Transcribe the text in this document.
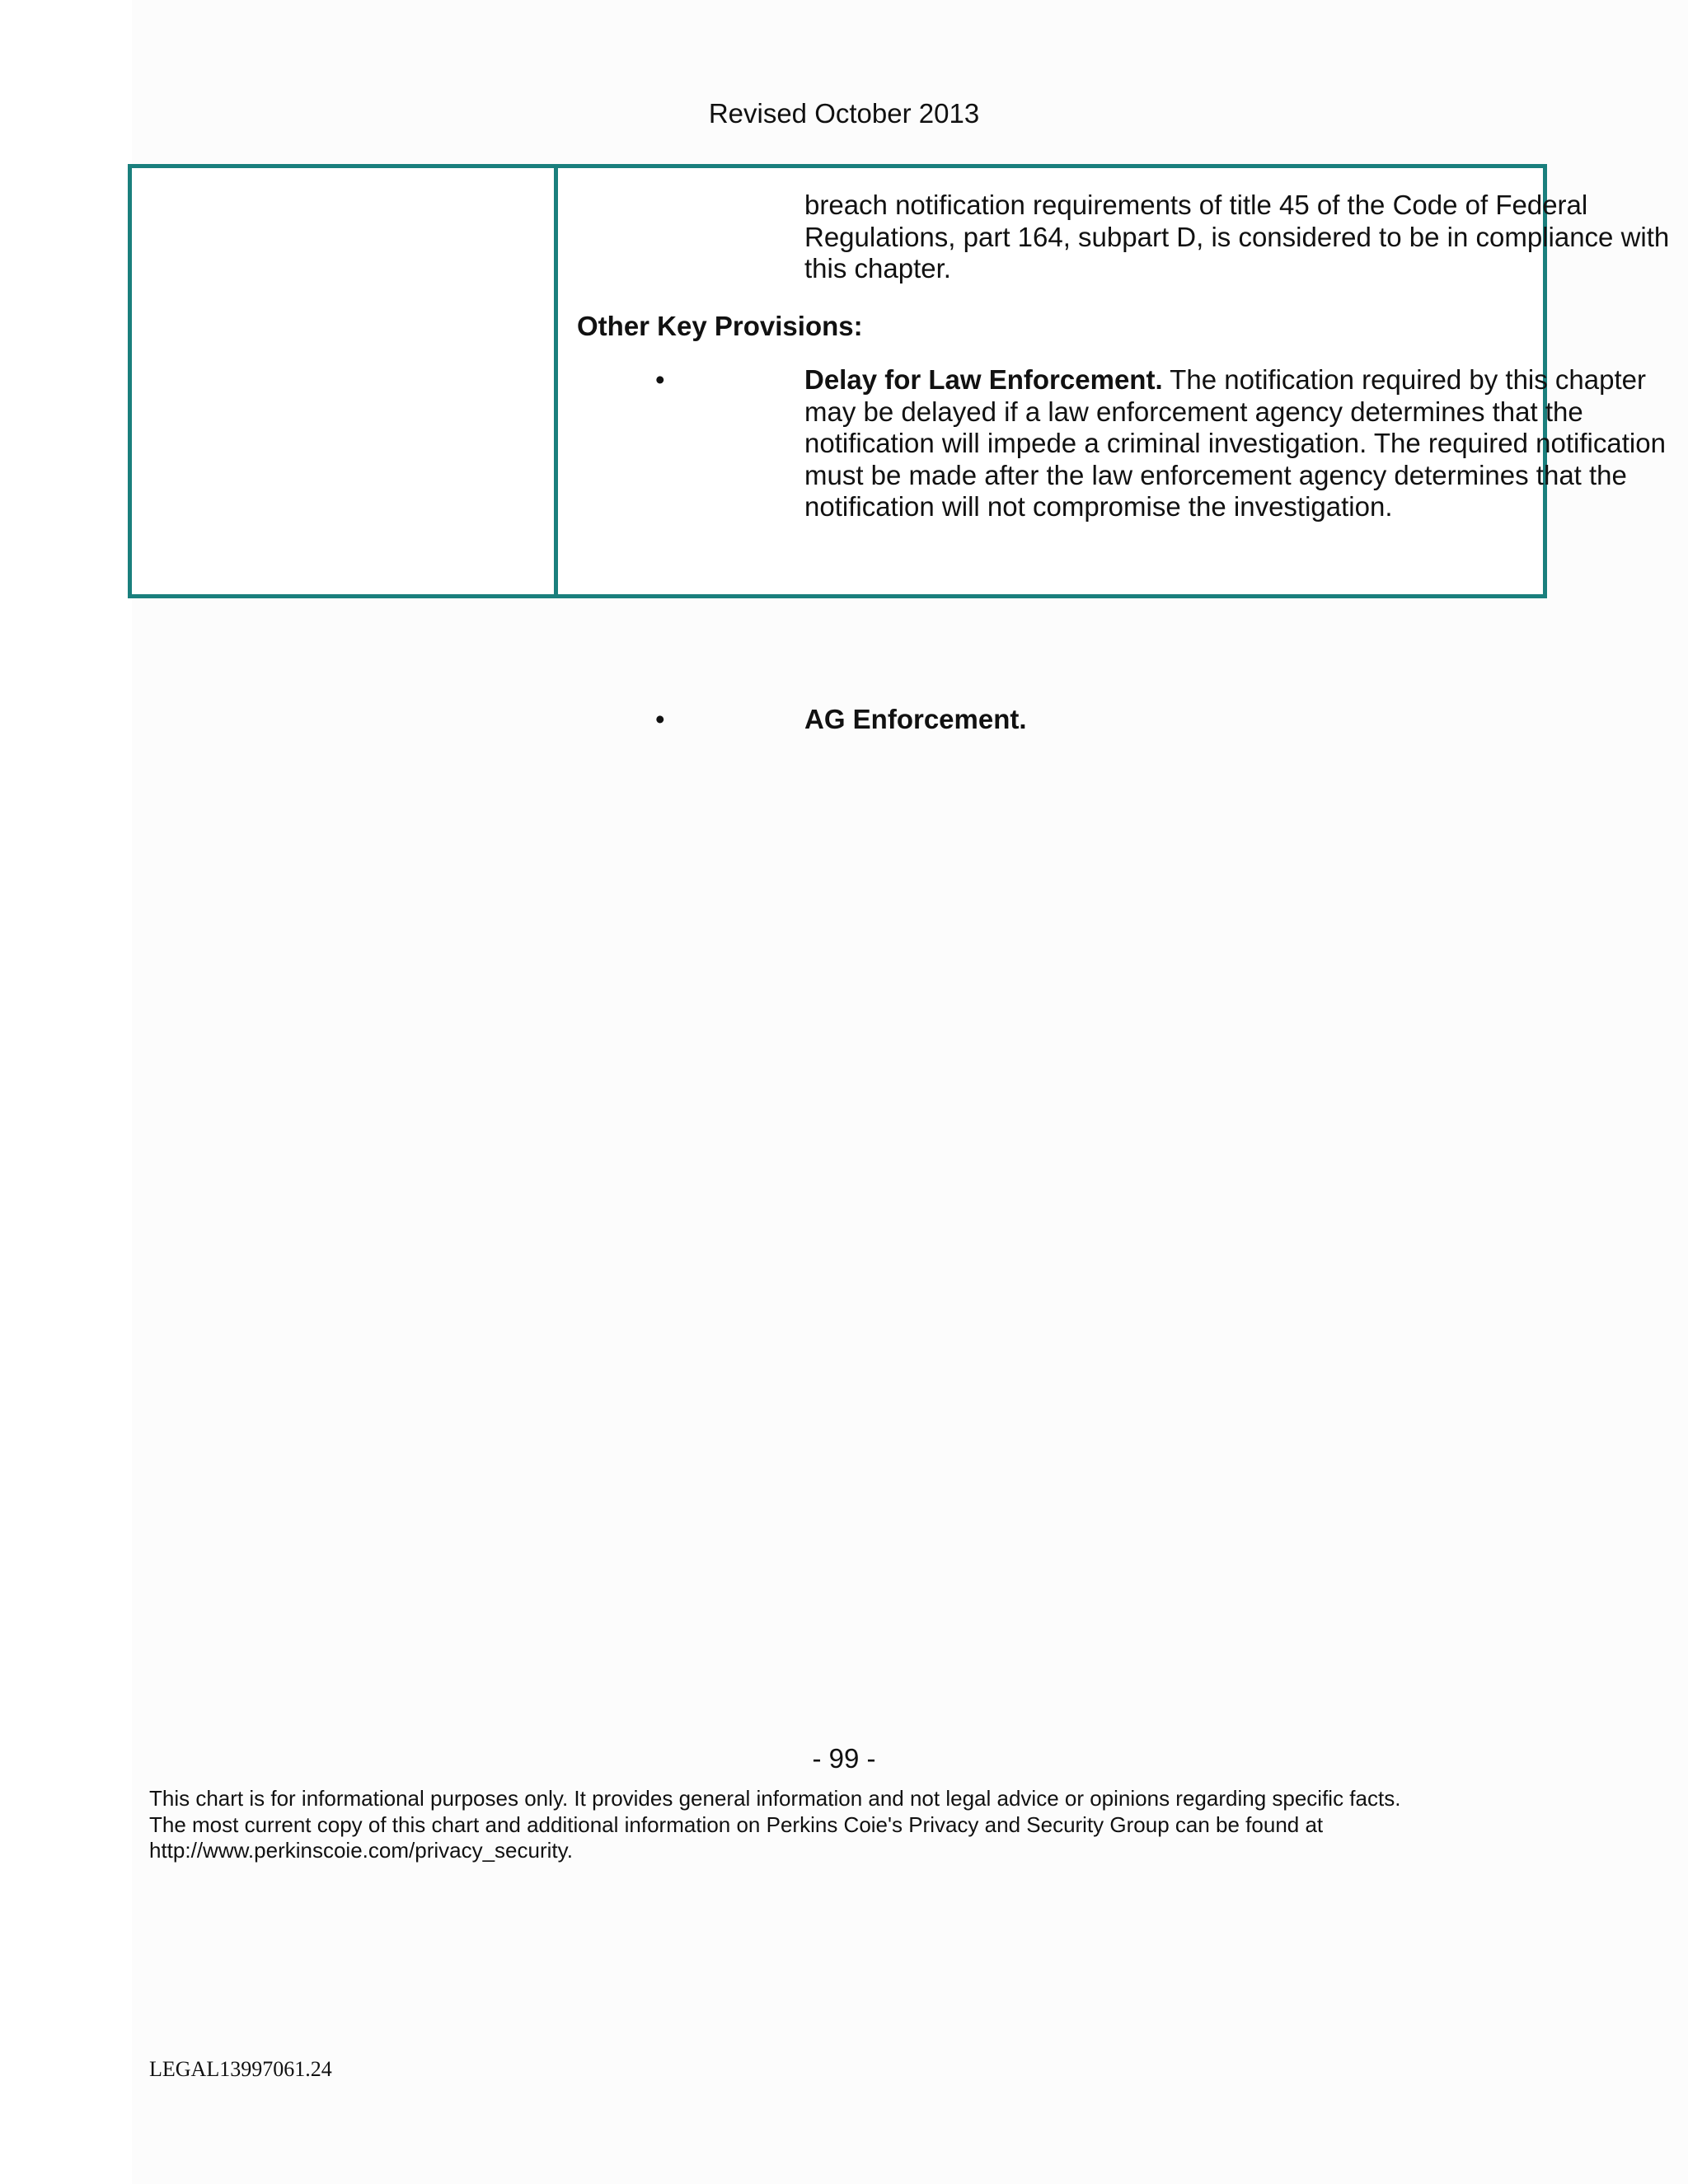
Revised October 2013

breach notification requirements of title 45 of the Code of Federal Regulations, part 164, subpart D, is considered to be in compliance with this chapter.

Other Key Provisions:

•	Delay for Law Enforcement. The notification required by this chapter may be delayed if a law enforcement agency determines that the notification will impede a criminal investigation. The required notification must be made after the law enforcement agency determines that the notification will not compromise the investigation.

•	AG Enforcement.

- 99 -

This chart is for informational purposes only. It provides general information and not legal advice or opinions regarding specific facts.
The most current copy of this chart and additional information on Perkins Coie's Privacy and Security Group can be found at
http://www.perkinscoie.com/privacy_security.

LEGAL13997061.24
